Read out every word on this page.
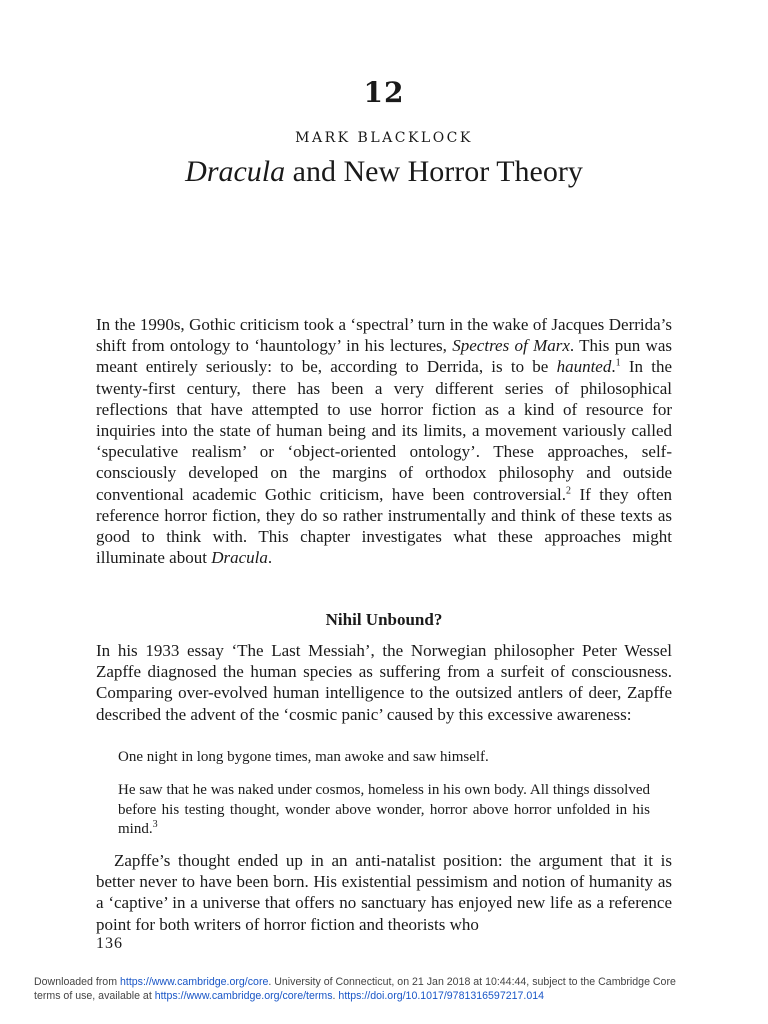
12
MARK BLACKLOCK
Dracula and New Horror Theory
In the 1990s, Gothic criticism took a ‘spectral’ turn in the wake of Jacques Derrida’s shift from ontology to ‘hauntology’ in his lectures, Spectres of Marx. This pun was meant entirely seriously: to be, according to Derrida, is to be haunted.$^1$ In the twenty-first century, there has been a very different series of philosophical reflections that have attempted to use horror fiction as a kind of resource for inquiries into the state of human being and its limits, a movement variously called ‘speculative realism’ or ‘object-oriented ontology’. These approaches, self-consciously developed on the margins of orthodox philosophy and outside conventional academic Gothic criticism, have been controversial.$^2$ If they often reference horror fiction, they do so rather instrumentally and think of these texts as good to think with. This chapter investigates what these approaches might illuminate about Dracula.
Nihil Unbound?
In his 1933 essay ‘The Last Messiah’, the Norwegian philosopher Peter Wessel Zapffe diagnosed the human species as suffering from a surfeit of consciousness. Comparing over-evolved human intelligence to the outsized antlers of deer, Zapffe described the advent of the ‘cosmic panic’ caused by this excessive awareness:
One night in long bygone times, man awoke and saw himself.
He saw that he was naked under cosmos, homeless in his own body. All things dissolved before his testing thought, wonder above wonder, horror above horror unfolded in his mind.$^3$
Zapffe’s thought ended up in an anti-natalist position: the argument that it is better never to have been born. His existential pessimism and notion of humanity as a ‘captive’ in a universe that offers no sanctuary has enjoyed new life as a reference point for both writers of horror fiction and theorists who
136
Downloaded from https://www.cambridge.org/core. University of Connecticut, on 21 Jan 2018 at 10:44:44, subject to the Cambridge Core
terms of use, available at https://www.cambridge.org/core/terms. https://doi.org/10.1017/9781316597217.014
